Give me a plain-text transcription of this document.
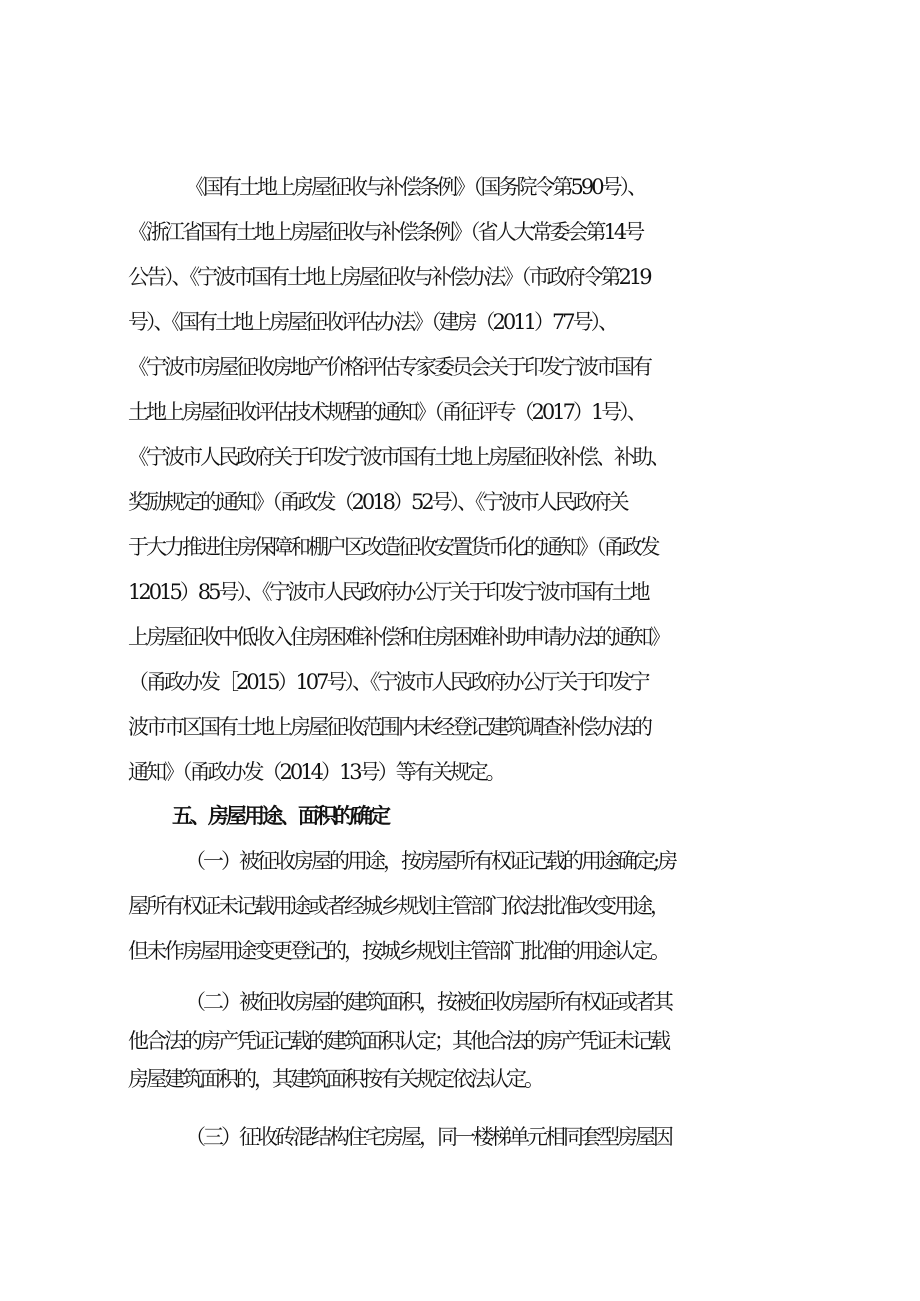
《国有土地上房屋征收与补偿条例》（国务院令第590号）、
《浙江省国有土地上房屋征收与补偿条例》（省人大常委会第14号
公告）、《宁波市国有土地上房屋征收与补偿办法》（市政府令第219
号）、《国有土地上房屋征收评估办法》（建房（2011）77号）、
《宁波市房屋征收房地产价格评估专家委员会关于印发宁波市国有
土地上房屋征收评估技术规程的通知》（甬征评专（2017）1号）、
《宁波市人民政府关于印发宁波市国有土地上房屋征收补偿、补助、
奖励规定的通知》（甬政发（2018）52号）、《宁波市人民政府关
于大力推进住房保障和棚户区改造征收安置货币化的通知》（甬政发
12015）85号）、《宁波市人民政府办公厅关于印发宁波市国有土地
上房屋征收中低收入住房困难补偿和住房困难补助申请办法的通知》
（甬政办发［2015）107号）、《宁波市人民政府办公厅关于印发宁
波市市区国有土地上房屋征收范围内未经登记建筑调查补偿办法的
通知》（甬政办发（2014）13号）等有关规定。
五、房屋用途、面积的确定
（一）被征收房屋的用途，按房屋所有权证记载的用途确定;房
屋所有权证未记载用途或者经城乡规划主管部门依法批准改变用途，
但未作房屋用途变更登记的，按城乡规划主管部门批准的用途认定。
（二）被征收房屋的建筑面积，按被征收房屋所有权证或者其
他合法的房产凭证记载的建筑面积认定；其他合法的房产凭证未记载
房屋建筑面积的，其建筑面积按有关规定依法认定。
（三）征收砖混结构住宅房屋，同一楼梯单元相同套型房屋因
